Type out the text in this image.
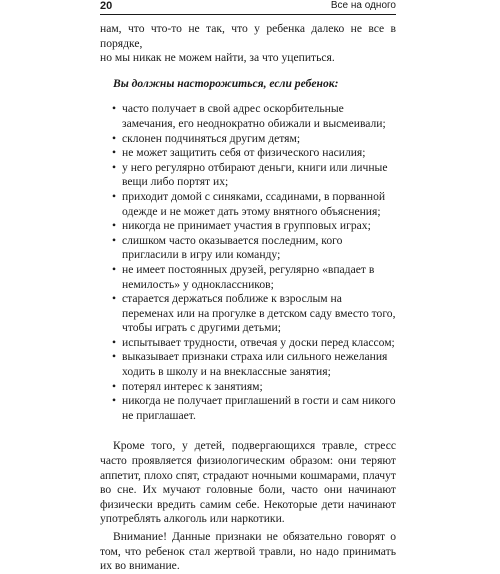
20	Все на одного

нам, что что-то не так, что у ребенка далеко не все в порядке,
но мы никак не можем найти, за что уцепиться.

Вы должны насторожиться, если ребенок:

• часто получает в свой адрес оскорбительные замечания, его неоднократно обижали и высмеивали;
• склонен подчиняться другим детям;
• не может защитить себя от физического насилия;
• у него регулярно отбирают деньги, книги или личные вещи либо портят их;
• приходит домой с синяками, ссадинами, в порванной одежде и не может дать этому внятного объяснения;
• никогда не принимает участия в групповых играх;
• слишком часто оказывается последним, кого пригласили в игру или команду;
• не имеет постоянных друзей, регулярно «впадает в немилость» у одноклассников;
• старается держаться поближе к взрослым на переменах или на прогулке в детском саду вместо того, чтобы играть с другими детьми;
• испытывает трудности, отвечая у доски перед классом;
• выказывает признаки страха или сильного нежелания ходить в школу и на внеклассные занятия;
• потерял интерес к занятиям;
• никогда не получает приглашений в гости и сам никого не приглашает.

Кроме того, у детей, подвергающихся травле, стресс часто проявляется физиологическим образом: они теряют аппетит, плохо спят, страдают ночными кошмарами, плачут во сне. Их мучают головные боли, часто они начинают физически вредить самим себе. Некоторые дети начинают употреблять алкоголь или наркотики.

Внимание! Данные признаки не обязательно говорят о том, что ребенок стал жертвой травли, но надо принимать их во внимание.
